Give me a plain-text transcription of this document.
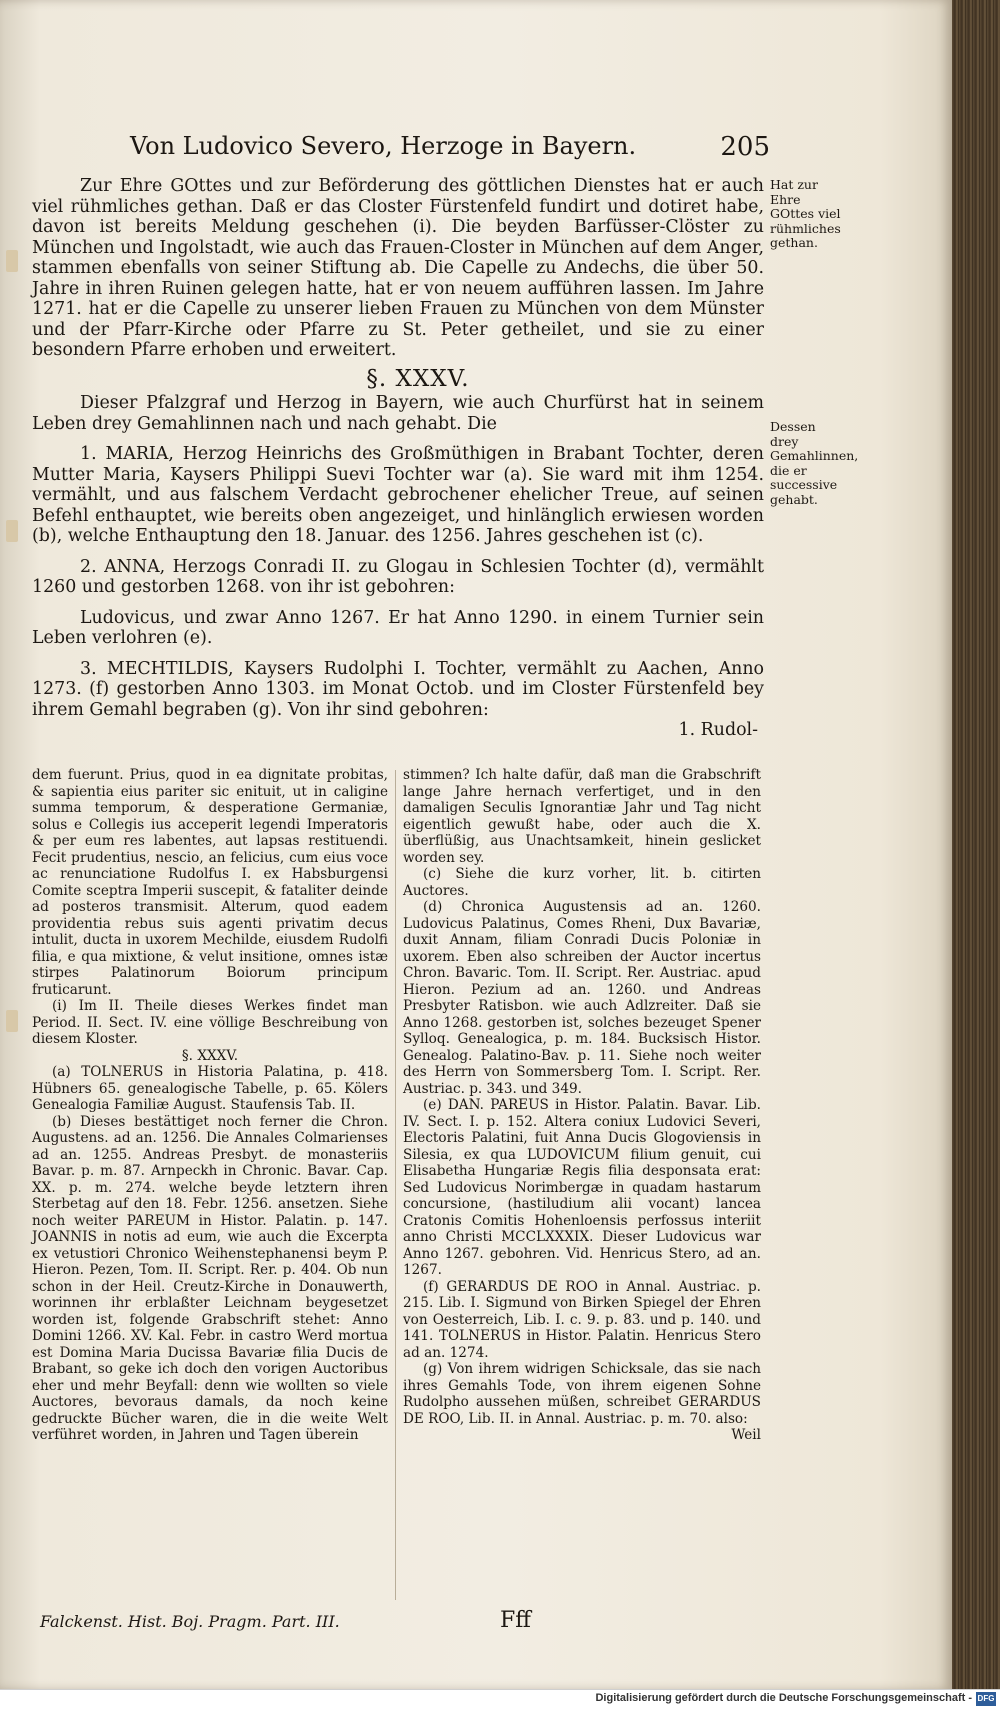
Von Ludovico Severo, Herzoge in Bayern.	205

Zur Ehre GOttes und zur Beförderung des göttlichen Dienstes hat er auch viel rühmliches gethan. Daß er das Closter Fürstenfeld fundirt und dotiret habe, davon ist bereits Meldung geschehen (i). Die beyden Barfüsser-Clöster zu München und Ingolstadt, wie auch das Frauen-Closter in München auf dem Anger, stammen ebenfalls von seiner Stiftung ab. Die Capelle zu Andechs, die über 50. Jahre in ihren Ruinen gelegen hatte, hat er von neuem aufführen lassen. Im Jahre 1271. hat er die Capelle zu unserer lieben Frauen zu München von dem Münster und der Pfarr-Kirche oder Pfarre zu St. Peter getheilet, und sie zu einer besondern Pfarre erhoben und erweitert.

§. XXXV.

Dieser Pfalzgraf und Herzog in Bayern, wie auch Churfürst hat in seinem Leben drey Gemahlinnen nach und nach gehabt. Die

1. MARIA, Herzog Heinrichs des Großmüthigen in Brabant Tochter, deren Mutter Maria, Kaysers Philippi Suevi Tochter war (a). Sie ward mit ihm 1254. vermählt, und aus falschem Verdacht gebrochener ehelicher Treue, auf seinen Befehl enthauptet, wie bereits oben angezeiget, und hinlänglich erwiesen worden (b), welche Enthauptung den 18. Januar. des 1256. Jahres geschehen ist (c).

2. ANNA, Herzogs Conradi II. zu Glogau in Schlesien Tochter (d), vermählt 1260 und gestorben 1268. von ihr ist gebohren:

Ludovicus, und zwar Anno 1267. Er hat Anno 1290. in einem Turnier sein Leben verlohren (e).

3. MECHTILDIS, Kaysers Rudolphi I. Tochter, vermählt zu Aachen, Anno 1273. (f) gestorben Anno 1303. im Monat Octob. und im Closter Fürstenfeld bey ihrem Gemahl begraben (g). Von ihr sind gebohren:

1. Rudol-

Hat zur Ehre GOttes viel rühmliches gethan.
Dessen drey Gemahlinnen, die er successive gehabt.

dem fuerunt. Prius, quod in ea dignitate probitas, & sapientia eius pariter sic enituit, ut in caligine summa temporum, & desperatione Germaniæ, solus e Collegis ius acceperit legendi Imperatoris & per eum res labentes, aut lapsas restituendi. Fecit prudentius, nescio, an felicius, cum eius voce ac renunciatione Rudolfus I. ex Habsburgensi Comite sceptra Imperii suscepit, & fataliter deinde ad posteros transmisit. Alterum, quod eadem providentia rebus suis agenti privatim decus intulit, ducta in uxorem Mechilde, eiusdem Rudolfi filia, e qua mixtione, & velut insitione, omnes istæ stirpes Palatinorum Boiorum principum fruticarunt.

(i) Im II. Theile dieses Werkes findet man Period. II. Sect. IV. eine völlige Beschreibung von diesem Kloster.

§. XXXV.

(a) TOLNERUS in Historia Palatina, p. 418. Hübners 65. genealogische Tabelle, p. 65. Kölers Genealogia Familiæ August. Staufensis Tab. II.

(b) Dieses bestättiget noch ferner die Chron. Augustens. ad an. 1256. Die Annales Colmarienses ad an. 1255. Andreas Presbyt. de monasteriis Bavar. p. m. 87. Arnpeckh in Chronic. Bavar. Cap. XX. p. m. 274. welche beyde letztern ihren Sterbetag auf den 18. Febr. 1256. ansetzen. Siehe noch weiter PAREUM in Histor. Palatin. p. 147. JOANNIS in notis ad eum, wie auch die Excerpta ex vetustiori Chronico Weihenstephanensi beym P. Hieron. Pezen, Tom. II. Script. Rer. p. 404. Ob nun schon in der Heil. Creutz-Kirche in Donauwerth, worinnen ihr erblaßter Leichnam beygesetzet worden ist, folgende Grabschrift stehet: Anno Domini 1266. XV. Kal. Febr. in castro Werd mortua est Domina Maria Ducissa Bavariæ filia Ducis de Brabant, so geke ich doch den vorigen Auctoribus eher und mehr Beyfall: denn wie wollten so viele Auctores, bevoraus damals, da noch keine gedruckte Bücher waren, die in die weite Welt verführet worden, in Jahren und Tagen überein

stimmen? Ich halte dafür, daß man die Grabschrift lange Jahre hernach verfertiget, und in den damaligen Seculis Ignorantiæ Jahr und Tag nicht eigentlich gewußt habe, oder auch die X. überflüßig, aus Unachtsamkeit, hinein geslicket worden sey.

(c) Siehe die kurz vorher, lit. b. citirten Auctores.

(d) Chronica Augustensis ad an. 1260. Ludovicus Palatinus, Comes Rheni, Dux Bavariæ, duxit Annam, filiam Conradi Ducis Poloniæ in uxorem. Eben also schreiben der Auctor incertus Chron. Bavaric. Tom. II. Script. Rer. Austriac. apud Hieron. Pezium ad an. 1260. und Andreas Presbyter Ratisbon. wie auch Adlzreiter. Daß sie Anno 1268. gestorben ist, solches bezeuget Spener Sylloq. Genealogica, p. m. 184. Bucksisch Histor. Genealog. Palatino-Bav. p. 11. Siehe noch weiter des Herrn von Sommersberg Tom. I. Script. Rer. Austriac. p. 343. und 349.

(e) DAN. PAREUS in Histor. Palatin. Bavar. Lib. IV. Sect. I. p. 152. Altera coniux Ludovici Severi, Electoris Palatini, fuit Anna Ducis Glogoviensis in Silesia, ex qua LUDOVICUM filium genuit, cui Elisabetha Hungariæ Regis filia desponsata erat: Sed Ludovicus Norimbergæ in quadam hastarum concursione, (hastiludium alii vocant) lancea Cratonis Comitis Hohenloensis perfossus interiit anno Christi MCCLXXXIX. Dieser Ludovicus war Anno 1267. gebohren. Vid. Henricus Stero, ad an. 1267.

(f) GERARDUS DE ROO in Annal. Austriac. p. 215. Lib. I. Sigmund von Birken Spiegel der Ehren von Oesterreich, Lib. I. c. 9. p. 83. und p. 140. und 141. TOLNERUS in Histor. Palatin. Henricus Stero ad an. 1274.

(g) Von ihrem widrigen Schicksale, das sie nach ihres Gemahls Tode, von ihrem eigenen Sohne Rudolpho aussehen müßen, schreibet GERARDUS DE ROO, Lib. II. in Annal. Austriac. p. m. 70. also:

Weil

Falckenst. Hist. Boj. Pragm. Part. III.	Fff
Digitalisierung gefördert durch die Deutsche Forschungsgemeinschaft - DFG
